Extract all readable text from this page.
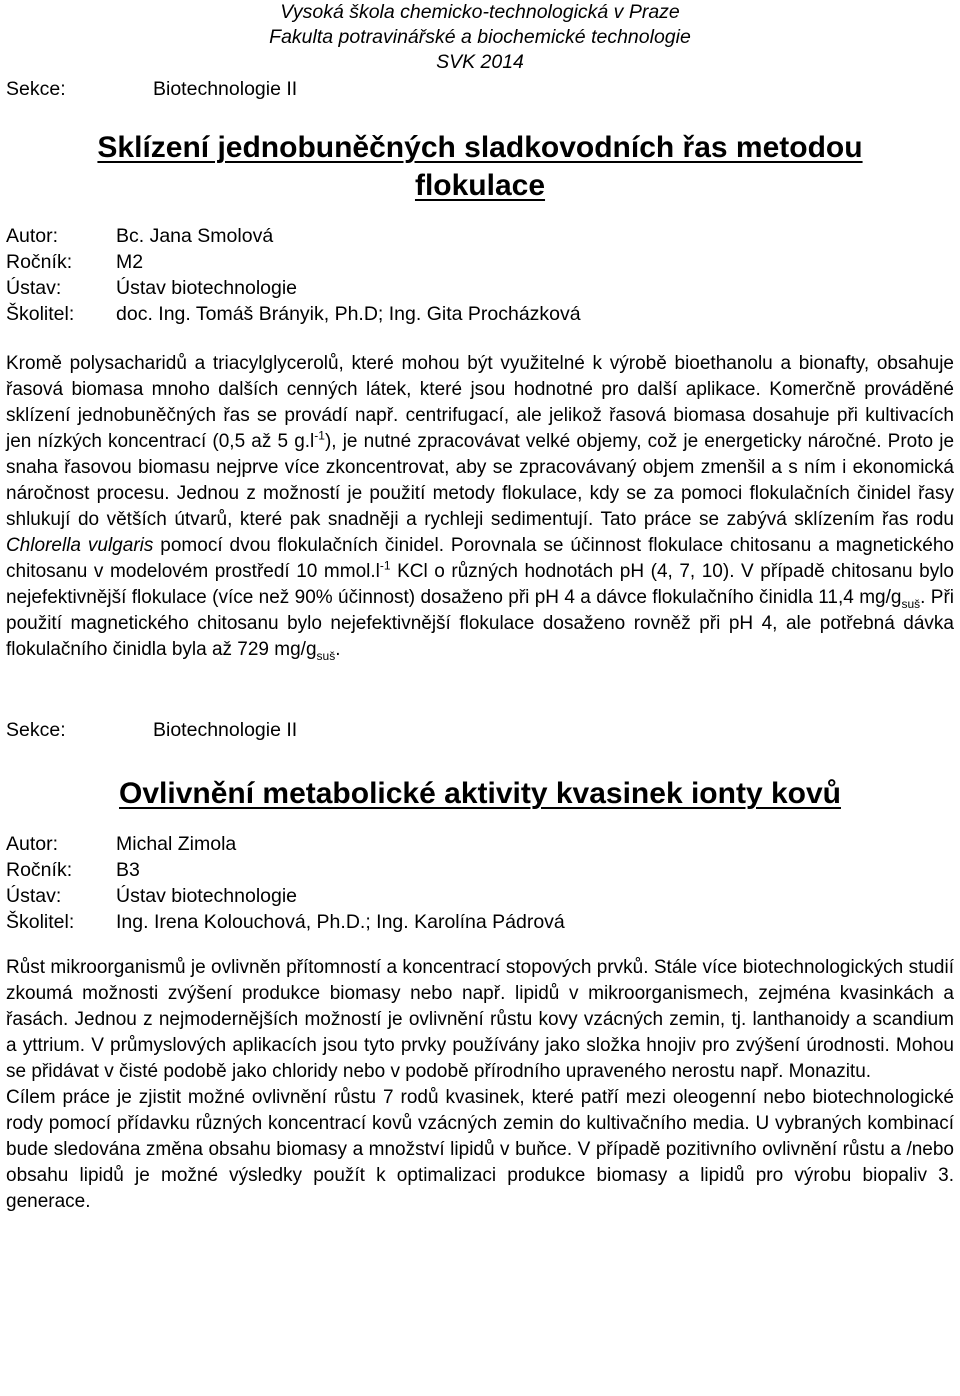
Vysoká škola chemicko-technologická v Praze
Fakulta potravinářské a biochemické technologie
SVK 2014
Sekce:	Biotechnologie II
Sklízení jednobuněčných sladkovodních řas metodou
flokulace
Autor:	Bc. Jana Smolová
Ročník:	M2
Ústav:	Ústav biotechnologie
Školitel:	doc. Ing. Tomáš Brányik, Ph.D; Ing. Gita Procházková

Kromě polysacharidů a triacylglycerolů, které mohou být využitelné k výrobě bioethanolu a bionafty, obsahuje řasová biomasa mnoho dalších cenných látek, které jsou hodnotné pro další aplikace. Komerčně prováděné sklízení jednobuněčných řas se provádí např. centrifugací, ale jelikož řasová biomasa dosahuje při kultivacích jen nízkých koncentrací (0,5 až 5 $g.l^{-1}$), je nutné zpracovávat velké objemy, což je energeticky náročné. Proto je snaha řasovou biomasu nejprve více zkoncentrovat, aby se zpracovávaný objem zmenšil a s ním i ekonomická náročnost procesu. Jednou z možností je použití metody flokulace, kdy se za pomoci flokulačních činidel řasy shlukují do větších útvarů, které pak snadněji a rychleji sedimentují. Tato práce se zabývá sklízením řas rodu Chlorella vulgaris pomocí dvou flokulačních činidel. Porovnala se účinnost flokulace chitosanu a magnetického chitosanu v modelovém prostředí 10 $mmol.l^{-1}$ KCl o různých hodnotách pH (4, 7, 10). V případě chitosanu bylo nejefektivnější flokulace (více než 90% účinnost) dosaženo při pH 4 a dávce flokulačního činidla 11,4 $mg/g_{suš}$. Při použití magnetického chitosanu bylo nejefektivnější flokulace dosaženo rovněž při pH 4, ale potřebná dávka flokulačního činidla byla až 729 $mg/g_{suš}$.

Sekce:	Biotechnologie II
Ovlivnění metabolické aktivity kvasinek ionty kovů
Autor:	Michal Zimola
Ročník:	B3
Ústav:	Ústav biotechnologie
Školitel:	Ing. Irena Kolouchová, Ph.D.; Ing. Karolína Pádrová

Růst mikroorganismů je ovlivněn přítomností a koncentrací stopových prvků. Stále více biotechnologických studií zkoumá možnosti zvýšení produkce biomasy nebo např. lipidů v mikroorganismech, zejména kvasinkách a řasách. Jednou z nejmodernějších možností je ovlivnění růstu kovy vzácných zemin, tj. lanthanoidy a scandium a yttrium. V průmyslových aplikacích jsou tyto prvky používány jako složka hnojiv pro zvýšení úrodnosti. Mohou se přidávat v čisté podobě jako chloridy nebo v podobě přírodního upraveného nerostu např. Monazitu.

Cílem práce je zjistit možné ovlivnění růstu 7 rodů kvasinek, které patří mezi oleogenní nebo biotechnologické rody pomocí přídavku různých koncentrací kovů vzácných zemin do kultivačního media. U vybraných kombinací bude sledována změna obsahu biomasy a množství lipidů v buňce. V případě pozitivního ovlivnění růstu a /nebo obsahu lipidů je možné výsledky použít k optimalizaci produkce biomasy a lipidů pro výrobu biopaliv 3. generace.
